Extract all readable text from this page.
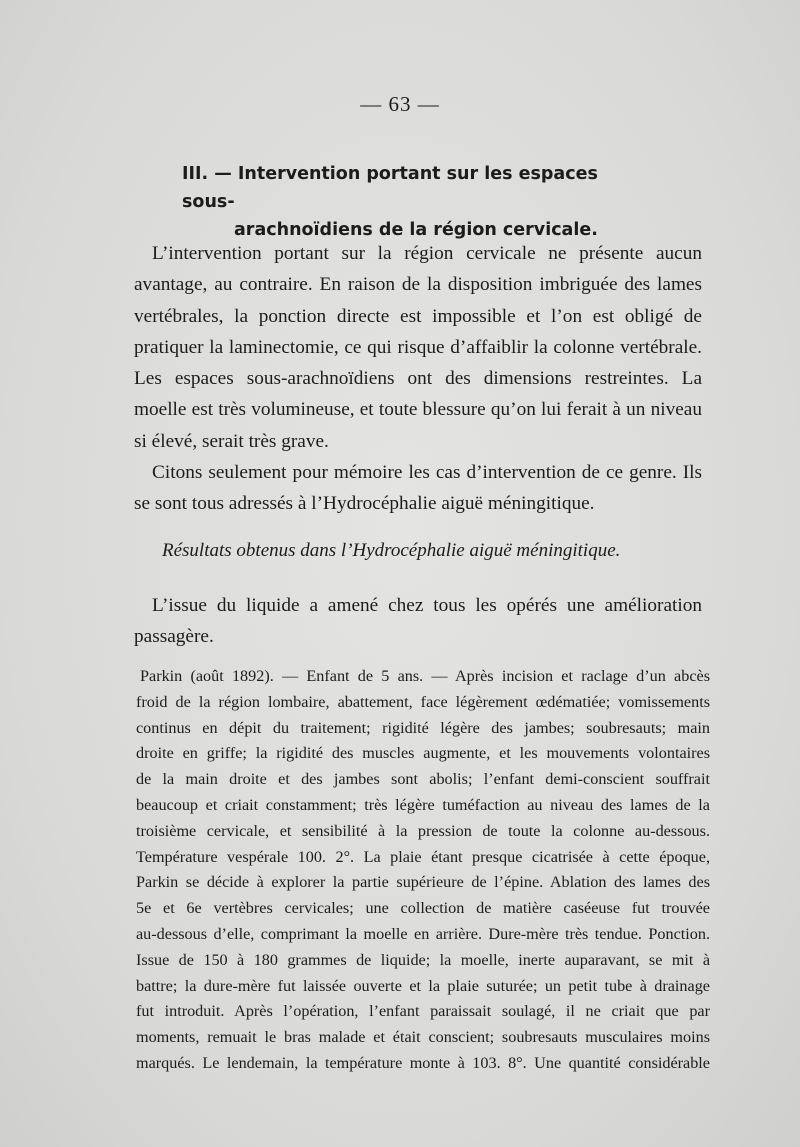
— 63 —
III. — Intervention portant sur les espaces sous-
arachnoïdiens de la région cervicale.

L’intervention portant sur la région cervicale ne présente aucun avantage, au contraire. En raison de la disposition imbriguée des lames vertébrales, la ponction directe est impossible et l’on est obligé de pratiquer la laminectomie, ce qui risque d’affaiblir la colonne vertébrale. Les espaces sous-arachnoïdiens ont des dimensions restreintes. La moelle est très volumineuse, et toute blessure qu’on lui ferait à un niveau si élevé, serait très grave.

Citons seulement pour mémoire les cas d’intervention de ce genre. Ils se sont tous adressés à l’Hydrocéphalie aiguë méningitique.

Résultats obtenus dans l’Hydrocéphalie aiguë méningitique.

L’issue du liquide a amené chez tous les opérés une amélioration passagère.

Parkin (août 1892). — Enfant de 5 ans. — Après incision et raclage d’un abcès
froid de la région lombaire, abattement, face légèrement œdématiée; vomissements
continus en dépit du traitement; rigidité légère des jambes; soubresauts; main
droite en griffe; la rigidité des muscles augmente, et les mouvements volontaires
de la main droite et des jambes sont abolis; l’enfant demi-conscient souffrait
beaucoup et criait constamment; très légère tuméfaction au niveau des lames de la
troisième cervicale, et sensibilité à la pression de toute la colonne au-dessous.
Température vespérale 100. 2°. La plaie étant presque cicatrisée à cette époque,
Parkin se décide à explorer la partie supérieure de l’épine. Ablation des lames des
5e et 6e vertèbres cervicales; une collection de matière caséeuse fut trouvée
au-dessous d’elle, comprimant la moelle en arrière. Dure-mère très tendue. Ponction.
Issue de 150 à 180 grammes de liquide; la moelle, inerte auparavant, se mit à
battre; la dure-mère fut laissée ouverte et la plaie suturée; un petit tube à drainage
fut introduit. Après l’opération, l’enfant paraissait soulagé, il ne criait que par
moments, remuait le bras malade et était conscient; soubresauts musculaires moins
marqués. Le lendemain, la température monte à 103. 8°. Une quantité considérable
